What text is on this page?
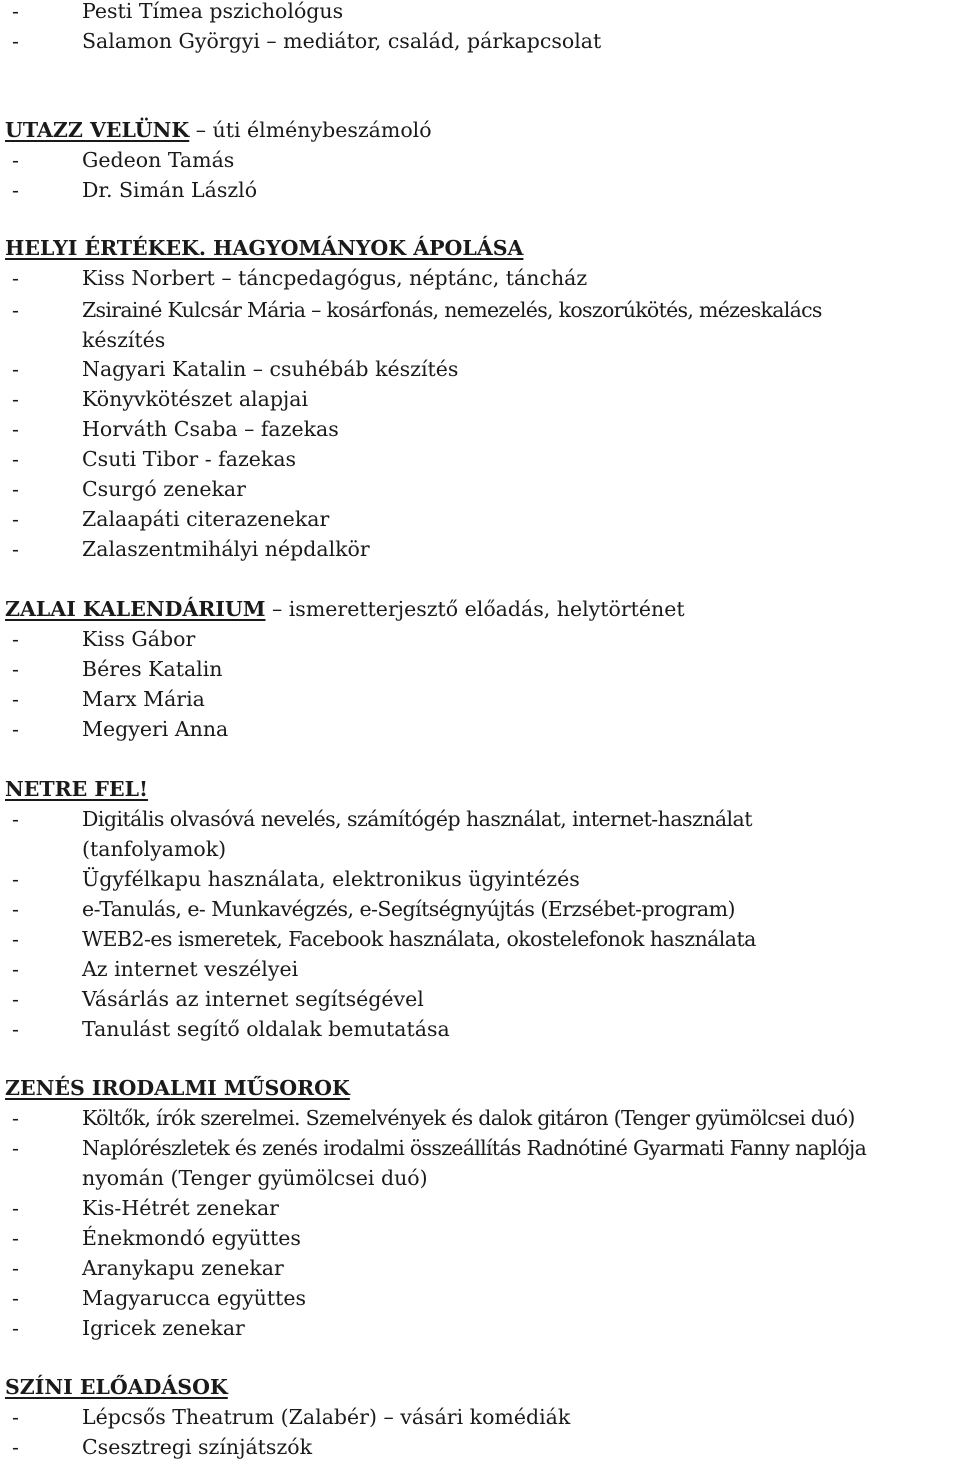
-	Pesti Tímea pszichológus
-	Salamon Györgyi – mediátor, család, párkapcsolat
UTAZZ VELÜNK – úti élménybeszámoló
-	Gedeon Tamás
-	Dr. Simán László
HELYI ÉRTÉKEK. HAGYOMÁNYOK ÁPOLÁSA
-	Kiss Norbert – táncpedagógus, néptánc, táncház
-	Zsirainé Kulcsár Mária – kosárfonás, nemezelés, koszorúkötés, mézeskalács
készítés
-	Nagyari Katalin – csuhébáb készítés
-	Könyvkötészet alapjai
-	Horváth Csaba – fazekas
-	Csuti Tibor - fazekas
-	Csurgó zenekar
-	Zalaapáti citerazenekar
-	Zalaszentmihályi népdalkör
ZALAI KALENDÁRIUM – ismeretterjesztő előadás, helytörténet
-	Kiss Gábor
-	Béres Katalin
-	Marx Mária
-	Megyeri Anna
NETRE FEL!
-	Digitális olvasóvá nevelés, számítógép használat, internet-használat
(tanfolyamok)
-	Ügyfélkapu használata, elektronikus ügyintézés
-	e-Tanulás, e- Munkavégzés, e-Segítségnyújtás (Erzsébet-program)
-	WEB2-es ismeretek, Facebook használata, okostelefonok használata
-	Az internet veszélyei
-	Vásárlás az internet segítségével
-	Tanulást segítő oldalak bemutatása
ZENÉS IRODALMI MŰSOROK
-	Költők, írók szerelmei. Szemelvények és dalok gitáron (Tenger gyümölcsei duó)
-	Naplórészletek és zenés irodalmi összeállítás Radnótiné Gyarmati Fanny naplója
nyomán (Tenger gyümölcsei duó)
-	Kis-Hétrét zenekar
-	Énekmondó együttes
-	Aranykapu zenekar
-	Magyarucca együttes
-	Igricek zenekar
SZÍNI ELŐADÁSOK
-	Lépcsős Theatrum (Zalabér) – vásári komédiák
-	Csesztregi színjátszók
